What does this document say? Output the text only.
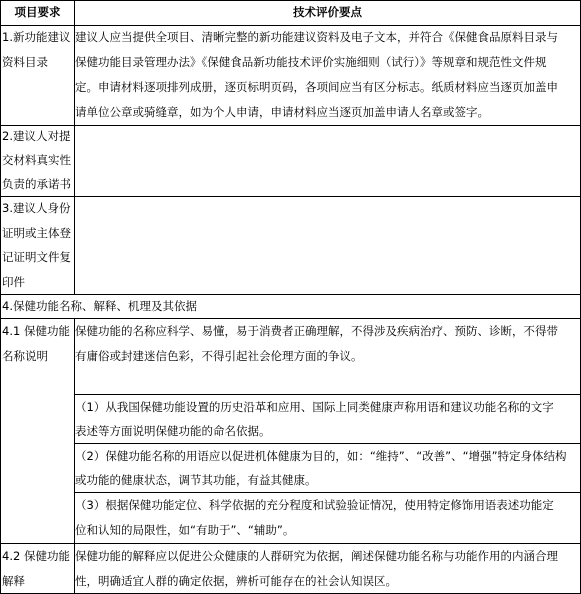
项目要求	技术评价要点
1.新功能建议
资料目录
建议人应当提供全项目、清晰完整的新功能建议资料及电子文本，并符合《保健食品原料目录与
保健功能目录管理办法》《保健食品新功能技术评价实施细则（试行）》等规章和规范性文件规
定。申请材料逐项排列成册，逐页标明页码，各项间应当有区分标志。纸质材料应当逐页加盖申
请单位公章或骑缝章，如为个人申请，申请材料应当逐页加盖申请人名章或签字。
2.建议人对提
交材料真实性
负责的承诺书
3.建议人身份
证明或主体登
记证明文件复
印件
4.保健功能名称、解释、机理及其依据
4.1 保健功能
名称说明
保健功能的名称应科学、易懂，易于消费者正确理解，不得涉及疾病治疗、预防、诊断，不得带
有庸俗或封建迷信色彩，不得引起社会伦理方面的争议。
（1）从我国保健功能设置的历史沿革和应用、国际上同类健康声称用语和建议功能名称的文字
表述等方面说明保健功能的命名依据。
（2）保健功能名称的用语应以促进机体健康为目的，如：“维持”、“改善”、“增强”特定身体结构
或功能的健康状态，调节其功能，有益其健康。
（3）根据保健功能定位、科学依据的充分程度和试验验证情况，使用特定修饰用语表述功能定
位和认知的局限性，如“有助于”、“辅助”。
4.2 保健功能
解释
保健功能的解释应以促进公众健康的人群研究为依据，阐述保健功能名称与功能作用的内涵合理
性，明确适宜人群的确定依据，辨析可能存在的社会认知误区。
